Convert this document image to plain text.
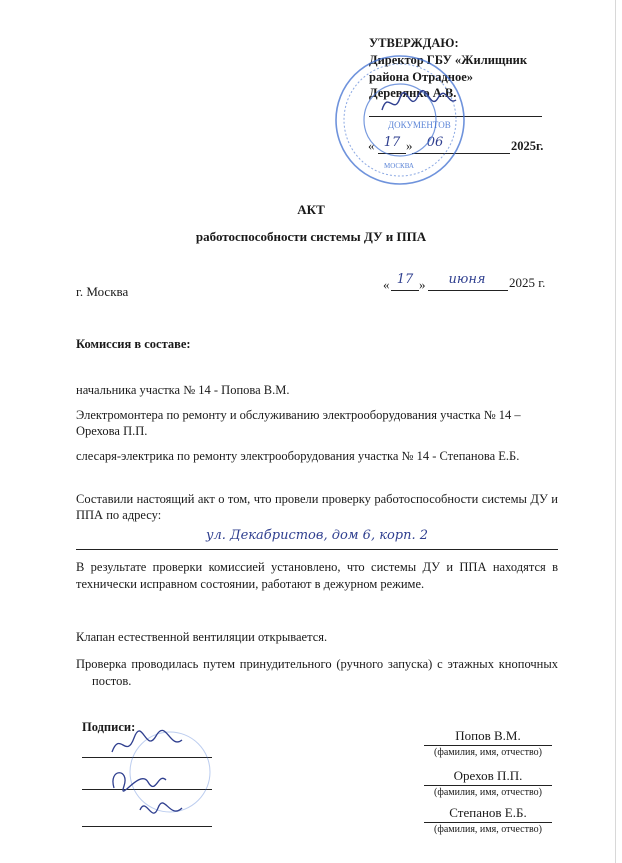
УТВЕРЖДАЮ:
Директор ГБУ «Жилищник
района Отрадное»
Деревянко А.В.
« 17 »	06	2025г.
ДОКУМЕНТОВ
МОСКВА
АКТ
работоспособности системы ДУ и ППА
г. Москва	« 17 »	июня	2025 г.
Комиссия в составе:
начальника участка № 14 - Попова В.М.
Электромонтера по ремонту и обслуживанию электрооборудования участка № 14 –
Орехова П.П.
слесаря-электрика по ремонту электрооборудования участка № 14 - Степанова Е.Б.
Составили настоящий акт о том, что провели проверку работоспособности системы ДУ и
ППА по адресу:
ул. Декабристов, дом 6, корп. 2
В результате проверки комиссией установлено, что системы ДУ и ППА находятся в
технически исправном состоянии, работают в дежурном режиме.
Клапан естественной вентиляции открывается.
Проверка проводилась путем принудительного (ручного запуска) с этажных кнопочных
постов.
Подписи:
Попов В.М.
(фамилия, имя, отчество)
Орехов П.П.
(фамилия, имя, отчество)
Степанов Е.Б.
(фамилия, имя, отчество)
